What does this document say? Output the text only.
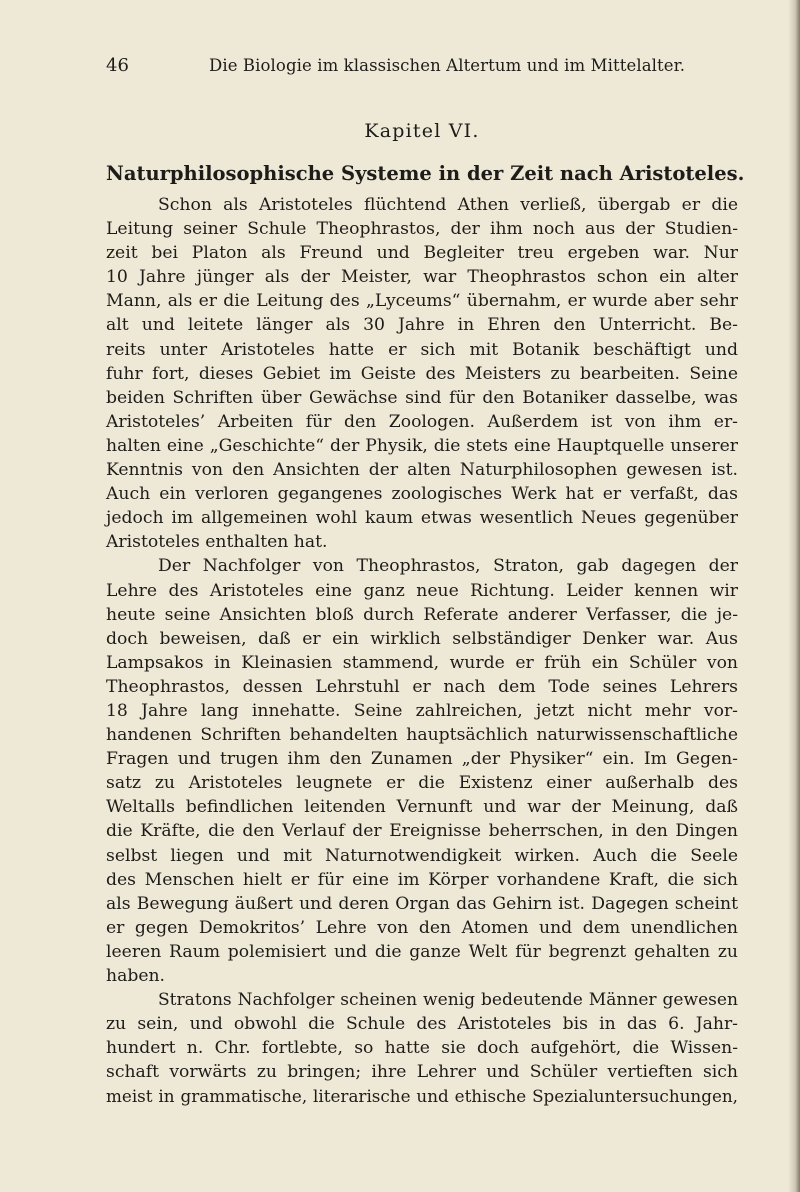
46	Die Biologie im klassischen Altertum und im Mittelalter.
Kapitel VI.
Naturphilosophische Systeme in der Zeit nach Aristoteles.
Schon als Aristoteles flüchtend Athen verließ, übergab er die
Leitung seiner Schule Theophrastos, der ihm noch aus der Studien-
zeit bei Platon als Freund und Begleiter treu ergeben war. Nur
10 Jahre jünger als der Meister, war Theophrastos schon ein alter
Mann, als er die Leitung des „Lyceums“ übernahm, er wurde aber sehr
alt und leitete länger als 30 Jahre in Ehren den Unterricht. Be-
reits unter Aristoteles hatte er sich mit Botanik beschäftigt und
fuhr fort, dieses Gebiet im Geiste des Meisters zu bearbeiten. Seine
beiden Schriften über Gewächse sind für den Botaniker dasselbe, was
Aristoteles’ Arbeiten für den Zoologen. Außerdem ist von ihm er-
halten eine „Geschichte“ der Physik, die stets eine Hauptquelle unserer
Kenntnis von den Ansichten der alten Naturphilosophen gewesen ist.
Auch ein verloren gegangenes zoologisches Werk hat er verfaßt, das
jedoch im allgemeinen wohl kaum etwas wesentlich Neues gegenüber
Aristoteles enthalten hat.
Der Nachfolger von Theophrastos, Straton, gab dagegen der
Lehre des Aristoteles eine ganz neue Richtung. Leider kennen wir
heute seine Ansichten bloß durch Referate anderer Verfasser, die je-
doch beweisen, daß er ein wirklich selbständiger Denker war. Aus
Lampsakos in Kleinasien stammend, wurde er früh ein Schüler von
Theophrastos, dessen Lehrstuhl er nach dem Tode seines Lehrers
18 Jahre lang innehatte. Seine zahlreichen, jetzt nicht mehr vor-
handenen Schriften behandelten hauptsächlich naturwissenschaftliche
Fragen und trugen ihm den Zunamen „der Physiker“ ein. Im Gegen-
satz zu Aristoteles leugnete er die Existenz einer außerhalb des
Weltalls befindlichen leitenden Vernunft und war der Meinung, daß
die Kräfte, die den Verlauf der Ereignisse beherrschen, in den Dingen
selbst liegen und mit Naturnotwendigkeit wirken. Auch die Seele
des Menschen hielt er für eine im Körper vorhandene Kraft, die sich
als Bewegung äußert und deren Organ das Gehirn ist. Dagegen scheint
er gegen Demokritos’ Lehre von den Atomen und dem unendlichen
leeren Raum polemisiert und die ganze Welt für begrenzt gehalten zu
haben.
Stratons Nachfolger scheinen wenig bedeutende Männer gewesen
zu sein, und obwohl die Schule des Aristoteles bis in das 6. Jahr-
hundert n. Chr. fortlebte, so hatte sie doch aufgehört, die Wissen-
schaft vorwärts zu bringen; ihre Lehrer und Schüler vertieften sich
meist in grammatische, literarische und ethische Spezialuntersuchungen,
